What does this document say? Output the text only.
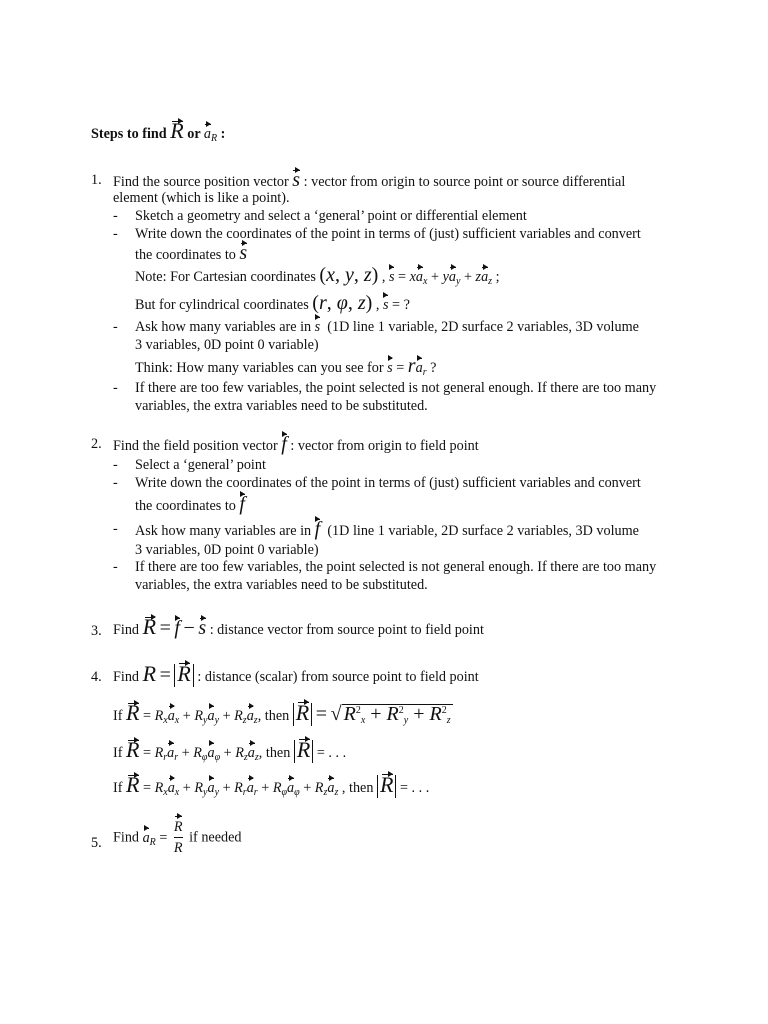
Steps to find R or $a_R$ :
1. Find the source position vector s : vector from origin to source point or source differential
element (which is like a point).
- Sketch a geometry and select a ‘general’ point or differential element
- Write down the coordinates of the point in terms of (just) sufficient variables and convert
the coordinates to s
Note: For Cartesian coordinates (x, y, z) , $s = xa_x + ya_y + za_z$ ;
But for cylindrical coordinates (r, φ, z) , s = ?
- Ask how many variables are in s (1D line 1 variable, 2D surface 2 variables, 3D volume
3 variables, 0D point 0 variable)
Think: How many variables can you see for $s = ra_r$ ?
- If there are too few variables, the point selected is not general enough. If there are too many
variables, the extra variables need to be substituted.
2. Find the field position vector f : vector from origin to field point
- Select a ‘general’ point
- Write down the coordinates of the point in terms of (just) sufficient variables and convert
the coordinates to f
- Ask how many variables are in f (1D line 1 variable, 2D surface 2 variables, 3D volume
3 variables, 0D point 0 variable)
- If there are too few variables, the point selected is not general enough. If there are too many
variables, the extra variables need to be substituted.
3. Find R = f − s : distance vector from source point to field point
4. Find R = R : distance (scalar) from source point to field point
If $R = R_xa_x + R_ya_y + R_za_z$, then R = √ $R^2_x + R^2_y + R^2_z$
If $R = R_ra_r + R_\varphi a_\varphi + R_za_z$, then R = . . .
If $R = R_xa_x + R_ya_y + R_ra_r + R_\varphi a_\varphi + R_za_z$ , then R = . . .
5. Find $a_R = \frac{R}{R}$ if needed
